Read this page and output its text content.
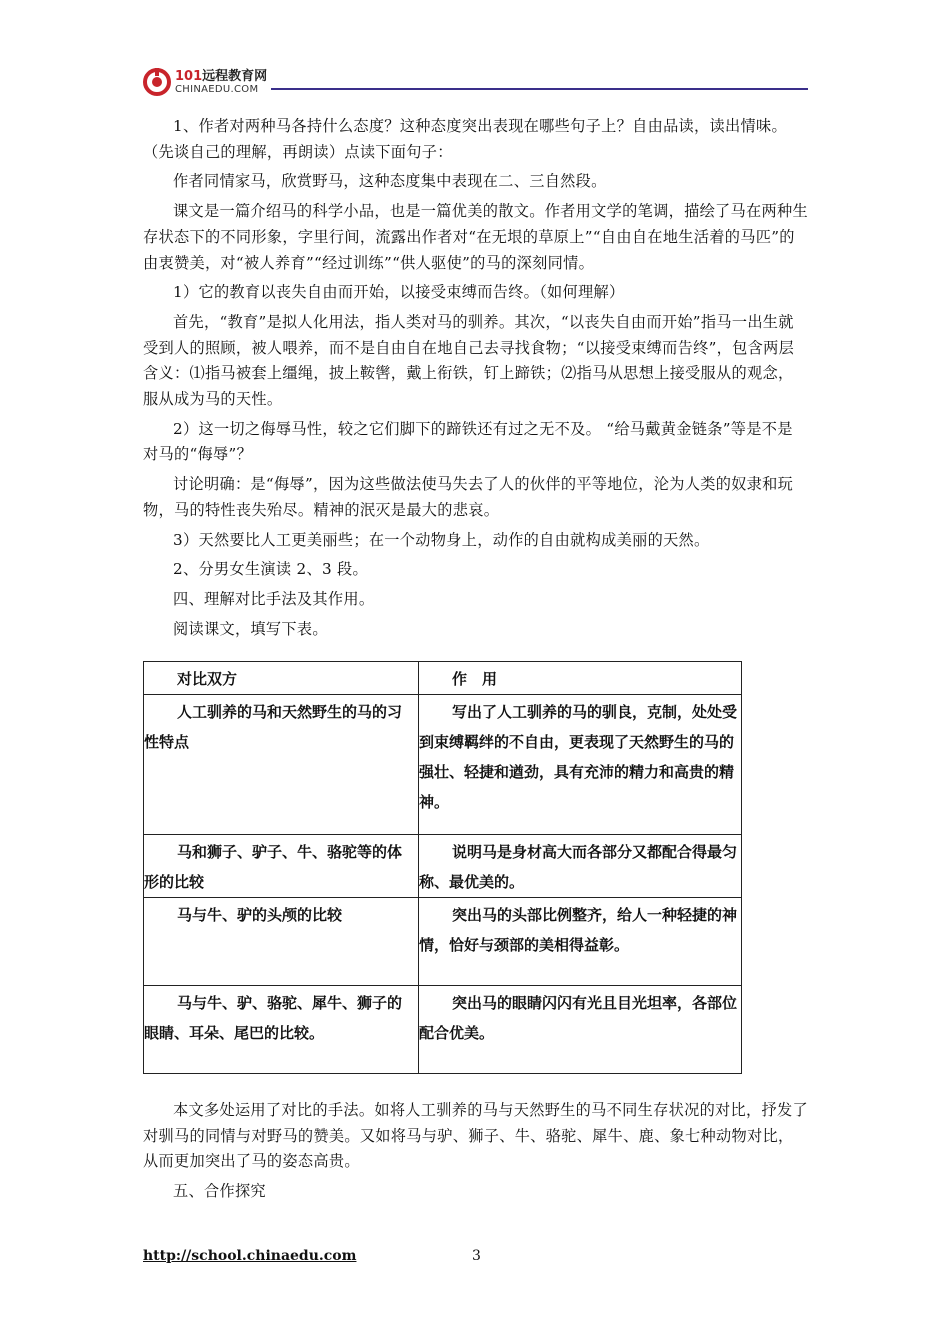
101远程教育网
CHINAEDU.COM

1、作者对两种马各持什么态度？这种态度突出表现在哪些句子上？自由品读，读出情味。（先谈自己的理解，再朗读）点读下面句子：

作者同情家马，欣赏野马，这种态度集中表现在二、三自然段。

课文是一篇介绍马的科学小品，也是一篇优美的散文。作者用文学的笔调，描绘了马在两种生存状态下的不同形象，字里行间，流露出作者对“在无垠的草原上”“自由自在地生活着的马匹”的由衷赞美，对“被人养育”“经过训练”“供人驱使”的马的深刻同情。

1）它的教育以丧失自由而开始，以接受束缚而告终。（如何理解）

首先，“教育”是拟人化用法，指人类对马的驯养。其次，“以丧失自由而开始”指马一出生就受到人的照顾，被人喂养，而不是自由自在地自己去寻找食物；“以接受束缚而告终”，包含两层含义：⑴指马被套上缰绳，披上鞍辔，戴上衔铁，钉上蹄铁；⑵指马从思想上接受服从的观念，服从成为马的天性。

2）这一切之侮辱马性，较之它们脚下的蹄铁还有过之无不及。 “给马戴黄金链条”等是不是对马的“侮辱”？

讨论明确：是“侮辱”，因为这些做法使马失去了人的伙伴的平等地位，沦为人类的奴隶和玩物，马的特性丧失殆尽。精神的泯灭是最大的悲哀。

3）天然要比人工更美丽些；在一个动物身上，动作的自由就构成美丽的天然。

2、分男女生演读 2、3 段。

四、理解对比手法及其作用。

阅读课文，填写下表。

对比双方	作　用

人工驯养的马和天然野生的马的习性特点	写出了人工驯养的马的驯良，克制，处处受到束缚羁绊的不自由，更表现了天然野生的马的强壮、轻捷和遒劲，具有充沛的精力和高贵的精神。

马和狮子、驴子、牛、骆驼等的体形的比较	说明马是身材高大而各部分又都配合得最匀称、最优美的。

马与牛、驴的头颅的比较	突出马的头部比例整齐，给人一种轻捷的神情，恰好与颈部的美相得益彰。

马与牛、驴、骆驼、犀牛、狮子的眼睛、耳朵、尾巴的比较。	突出马的眼睛闪闪有光且目光坦率，各部位配合优美。

本文多处运用了对比的手法。如将人工驯养的马与天然野生的马不同生存状况的对比，抒发了对驯马的同情与对野马的赞美。又如将马与驴、狮子、牛、骆驼、犀牛、鹿、象七种动物对比，从而更加突出了马的姿态高贵。

五、合作探究

http://school.chinaedu.com	3
